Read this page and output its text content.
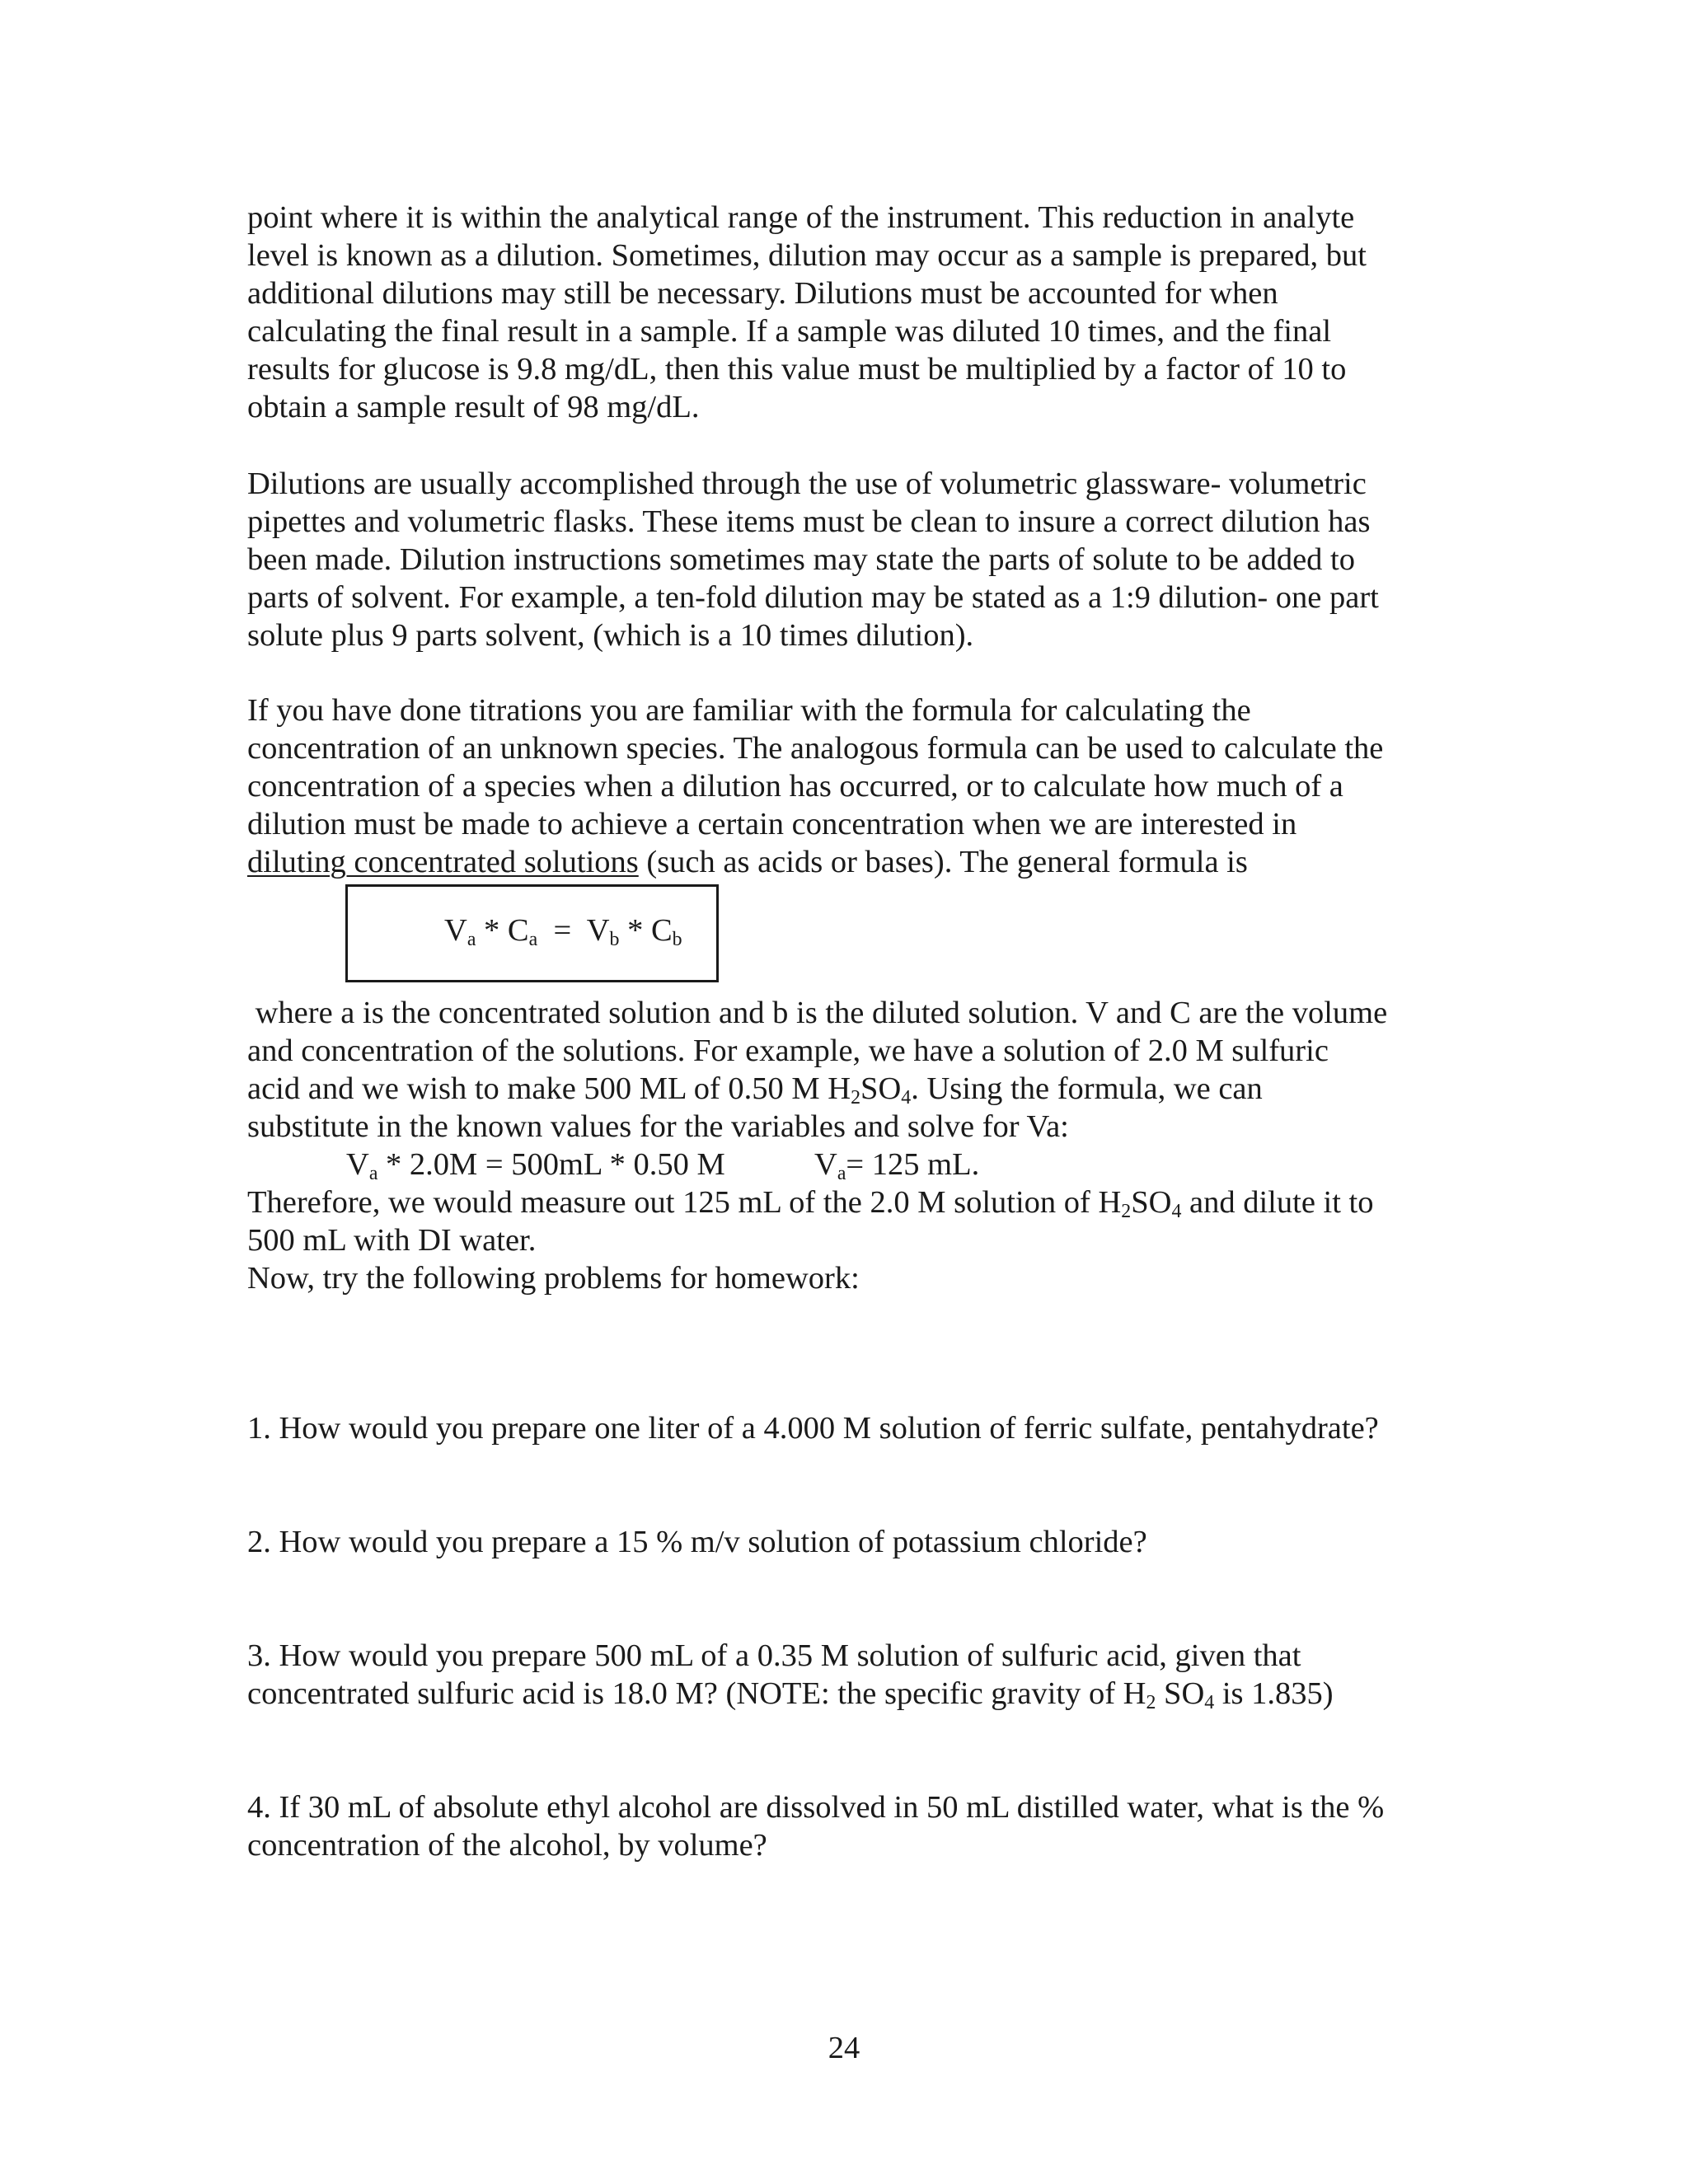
point where it is within the analytical range of the instrument. This reduction in analyte
level is known as a dilution. Sometimes, dilution may occur as a sample is prepared, but
additional dilutions may still be necessary. Dilutions must be accounted for when
calculating the final result in a sample. If a sample was diluted 10 times, and the final
results for glucose is 9.8 mg/dL, then this value must be multiplied by a factor of 10 to
obtain a sample result of 98 mg/dL.
Dilutions are usually accomplished through the use of volumetric glassware- volumetric
pipettes and volumetric flasks. These items must be clean to insure a correct dilution has
been made. Dilution instructions sometimes may state the parts of solute to be added to
parts of solvent. For example, a ten-fold dilution may be stated as a 1:9 dilution- one part
solute plus 9 parts solvent, (which is a 10 times dilution).
If you have done titrations you are familiar with the formula for calculating the
concentration of an unknown species. The analogous formula can be used to calculate the
concentration of a species when a dilution has occurred, or to calculate how much of a
dilution must be made to achieve a certain concentration when we are interested in
diluting concentrated solutions (such as acids or bases). The general formula is
$V_a * C_a = V_b * C_b$
where a is the concentrated solution and b is the diluted solution. V and C are the volume
and concentration of the solutions. For example, we have a solution of 2.0 M sulfuric
acid and we wish to make 500 ML of 0.50 M $H_2SO_4$. Using the formula, we can
substitute in the known values for the variables and solve for Va:
$V_a * 2.0M = 500mL * 0.50$ M	$V_a= 125$ mL.
Therefore, we would measure out 125 mL of the 2.0 M solution of $H_2SO_4$ and dilute it to
500 mL with DI water.
Now, try the following problems for homework:
1. How would you prepare one liter of a 4.000 M solution of ferric sulfate, pentahydrate?
2. How would you prepare a 15 % m/v solution of potassium chloride?
3. How would you prepare 500 mL of a 0.35 M solution of sulfuric acid, given that
concentrated sulfuric acid is 18.0 M? (NOTE: the specific gravity of $H_2$ $SO_4$ is 1.835)
4. If 30 mL of absolute ethyl alcohol are dissolved in 50 mL distilled water, what is the %
concentration of the alcohol, by volume?
24
